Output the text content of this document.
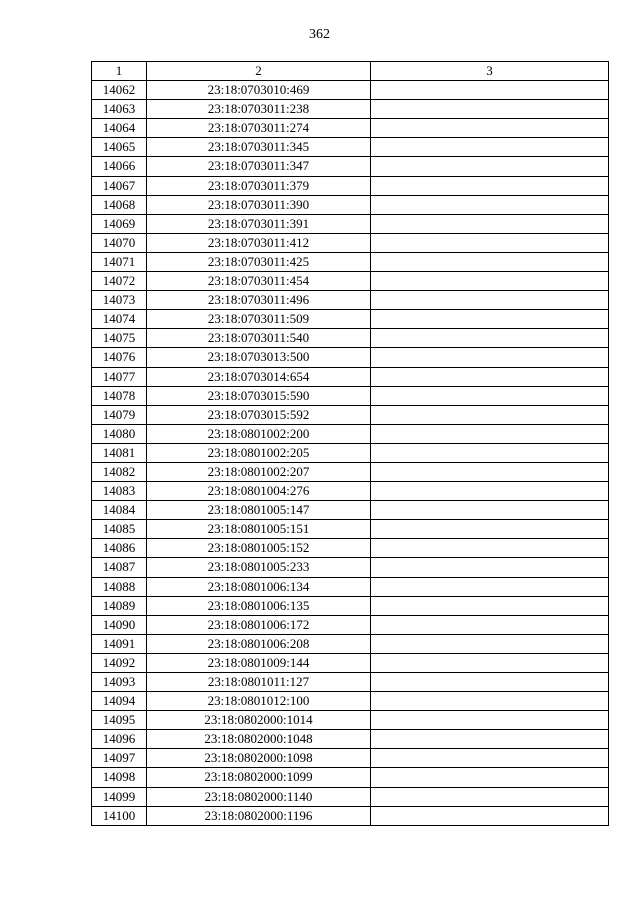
362
1	2	3
14062	23:18:0703010:469	
14063	23:18:0703011:238	
14064	23:18:0703011:274	
14065	23:18:0703011:345	
14066	23:18:0703011:347	
14067	23:18:0703011:379	
14068	23:18:0703011:390	
14069	23:18:0703011:391	
14070	23:18:0703011:412	
14071	23:18:0703011:425	
14072	23:18:0703011:454	
14073	23:18:0703011:496	
14074	23:18:0703011:509	
14075	23:18:0703011:540	
14076	23:18:0703013:500	
14077	23:18:0703014:654	
14078	23:18:0703015:590	
14079	23:18:0703015:592	
14080	23:18:0801002:200	
14081	23:18:0801002:205	
14082	23:18:0801002:207	
14083	23:18:0801004:276	
14084	23:18:0801005:147	
14085	23:18:0801005:151	
14086	23:18:0801005:152	
14087	23:18:0801005:233	
14088	23:18:0801006:134	
14089	23:18:0801006:135	
14090	23:18:0801006:172	
14091	23:18:0801006:208	
14092	23:18:0801009:144	
14093	23:18:0801011:127	
14094	23:18:0801012:100	
14095	23:18:0802000:1014	
14096	23:18:0802000:1048	
14097	23:18:0802000:1098	
14098	23:18:0802000:1099	
14099	23:18:0802000:1140	
14100	23:18:0802000:1196	
